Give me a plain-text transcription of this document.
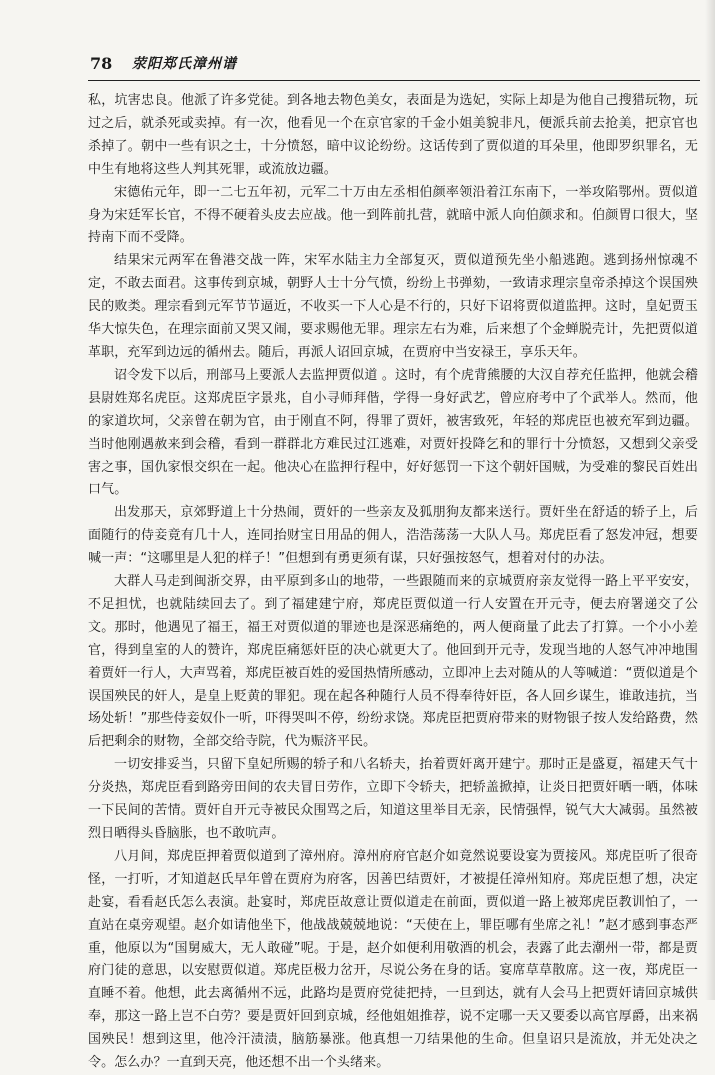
78 荥阳郑氏漳州谱

私，坑害忠良。他派了许多党徒。到各地去物色美女，表面是为选妃，实际上却是为他自己搜猎玩物，玩过之后，就杀死或卖掉。有一次，他看见一个在京官家的千金小姐美貌非凡，便派兵前去抢美，把京官也杀掉了。朝中一些有识之士，十分愤怒，暗中议论纷纷。这话传到了贾似道的耳朵里，他即罗织罪名，无中生有地将这些人判其死罪，或流放边疆。

宋德佑元年，即一二七五年初，元军二十万由左丞相伯颜率领沿着江东南下，一举攻陷鄂州。贾似道身为宋廷军长官，不得不硬着头皮去应战。他一到阵前扎营，就暗中派人向伯颜求和。伯颜胃口很大，坚持南下而不受降。

结果宋元两军在鲁港交战一阵，宋军水陆主力全部复灭，贾似道预先坐小船逃跑。逃到扬州惊魂不定，不敢去面君。这事传到京城，朝野人士十分气愤，纷纷上书弹劾，一致请求理宗皇帝杀掉这个误国殃民的败类。理宗看到元军节节逼近，不收买一下人心是不行的，只好下诏将贾似道监押。这时，皇妃贾玉华大惊失色，在理宗面前又哭又闹，要求赐他无罪。理宗左右为难，后来想了个金蝉脱壳计，先把贾似道革职，充军到边远的循州去。随后，再派人诏回京城，在贾府中当安禄王，享乐天年。

诏令发下以后，刑部马上要派人去监押贾似道 。这时，有个虎背熊腰的大汉自荐充任监押，他就会稽县尉姓郑名虎臣。这郑虎臣字景兆，自小寻师拜偕，学得一身好武艺，曾应府考中了个武举人。然而，他的家道坎坷，父亲曾在朝为官，由于刚直不阿，得罪了贾奸，被害致死，年轻的郑虎臣也被充军到边疆。当时他刚遇赦来到会稽，看到一群群北方难民过江逃难，对贾奸投降乞和的罪行十分愤怒，又想到父亲受害之事，国仇家恨交织在一起。他决心在监押行程中，好好惩罚一下这个朝奸国贼，为受难的黎民百姓出口气。

出发那天，京郊野道上十分热闹，贾奸的一些亲友及狐朋狗友都来送行。贾奸坐在舒适的轿子上，后面随行的侍妾竟有几十人，连同抬财宝日用品的佣人，浩浩荡荡一大队人马。郑虎臣看了怒发冲冠，想要喊一声：“这哪里是人犯的样子！”但想到有勇更须有谋，只好强按怒气，想着对付的办法。

大群人马走到闽浙交界，由平原到多山的地带，一些跟随而来的京城贾府亲友觉得一路上平平安安，不足担忧，也就陆续回去了。到了福建建宁府，郑虎臣贾似道一行人安置在开元寺，便去府署递交了公文。那时，他遇见了福王，福王对贾似道的罪迹也是深恶痛绝的，两人便商量了此去了打算。一个小小差官，得到皇室的人的赞许，郑虎臣痛惩奸臣的决心就更大了。他回到开元寺，发现当地的人怒气冲冲地围着贾奸一行人，大声骂着，郑虎臣被百姓的爱国热情所感动，立即冲上去对随从的人等喊道：“贾似道是个误国殃民的奸人，是皇上贬黄的罪犯。现在起各种随行人员不得奉待奸臣，各人回乡谋生，谁敢违抗，当场处斩！”那些侍妾奴仆一听，吓得哭叫不停，纷纷求饶。郑虎臣把贾府带来的财物银子按人发给路费，然后把剩余的财物，全部交给寺院，代为赈济平民。

一切安排妥当，只留下皇妃所赐的轿子和八名轿夫，抬着贾奸离开建宁。那时正是盛夏，福建天气十分炎热，郑虎臣看到路旁田间的农夫冒日劳作，立即下令轿夫，把轿盖掀掉，让炎日把贾奸晒一晒，体味一下民间的苦情。贾奸自开元寺被民众围骂之后，知道这里举目无亲，民情强悍，锐气大大减弱。虽然被烈日晒得头昏脑胀，也不敢吭声。

八月间，郑虎臣押着贾似道到了漳州府。漳州府府官赵介如竟然说要设宴为贾接风。郑虎臣听了很奇怪，一打听，才知道赵氏早年曾在贾府为府客，因善巴结贾奸，才被提任漳州知府。郑虎臣想了想，决定赴宴，看看赵氏怎么表演。赴宴时，郑虎臣故意让贾似道走在前面，贾似道一路上被郑虎臣教训怕了，一直站在桌旁观望。赵介如请他坐下，他战战兢兢地说：“天使在上，罪臣哪有坐席之礼！”赵才感到事态严重，他原以为“国舅威大，无人敢碰”呢。于是，赵介如便利用敬酒的机会，表露了此去潮州一带，都是贾府门徒的意思，以安慰贾似道。郑虎臣极力岔开，尽说公务在身的话。宴席草草散席。这一夜，郑虎臣一直睡不着。他想，此去离循州不远，此路均是贾府党徒把持，一旦到达，就有人会马上把贾奸请回京城供奉，那这一路上岂不白劳？要是贾奸回到京城，经他姐姐推荐，说不定哪一天又要委以高官厚爵，出来祸国殃民！想到这里，他冷汗渍渍，脑筋暴涨。他真想一刀结果他的生命。但皇诏只是流放，并无处决之令。怎么办？一直到天亮，他还想不出一个头绪来。
